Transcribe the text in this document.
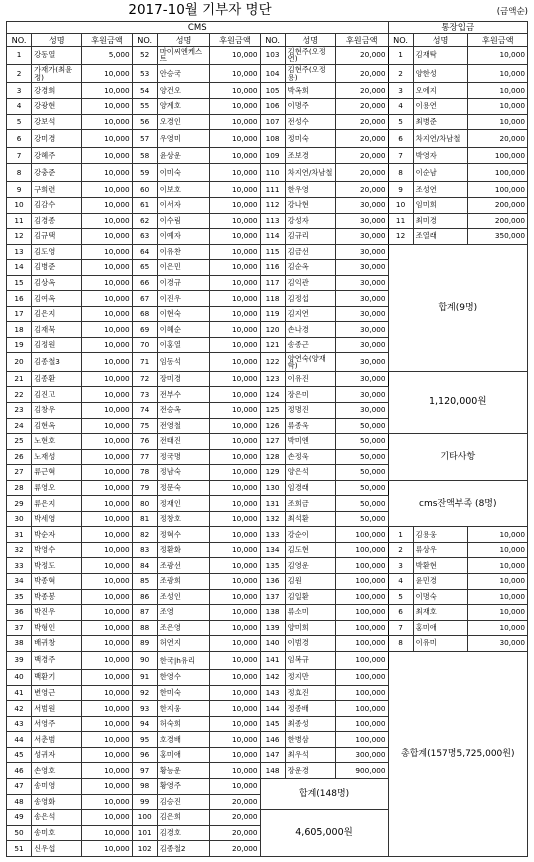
2017-10월 기부자 명단	(금액순)
CMS									통장입금		
NO.	성명	후원금액	NO.	성명	후원금액	NO.	성명	후원금액	NO.	성명	후원금액
1	강동열	5,000	52	마이씨엔케스트	10,000	103	김현주(오정연)	20,000	1	김재탁	10,000
2	가재가(최윤정)	10,000	53	안승국	10,000	104	김현주(오정용)	20,000	2	양한성	10,000
3	강경희	10,000	54	양건오	10,000	105	박옥희	20,000	3	오에지	10,000
4	강광현	10,000	55	양계호	10,000	106	이명주	20,000	4	이용연	10,000
5	강보석	10,000	56	오경인	10,000	107	전성수	20,000	5	최병준	10,000
6	강미경	10,000	57	우영미	10,000	108	정미숙	20,000	6	차지연/차남철	20,000
7	강혜주	10,000	58	윤상운	10,000	109	조보경	20,000	7	박영자	100,000
8	강충준	10,000	59	이미숙	10,000	110	차지연/차남철	20,000	8	이순남	100,000
9	구희련	10,000	60	이보호	10,000	111	한우영	20,000	9	조성연	100,000
10	김감수	10,000	61	이서자	10,000	112	강나현	30,000	10	임미희	200,000
11	김경종	10,000	62	이수림	10,000	113	강성자	30,000	11	최미경	200,000
12	김규택	10,000	63	이예자	10,000	114	김규리	30,000	12	조열래	350,000
13	김도영	10,000	64	이유찬	10,000	115	김금선	30,000	합계(9명)		
14	김병준	10,000	65	이은민	10,000	116	김순옥	30,000			
15	김상옥	10,000	66	이경규	10,000	117	김익관	30,000			
16	김여옥	10,000	67	이진우	10,000	118	김정섭	30,000			
17	김은지	10,000	68	이현숙	10,000	119	김지연	30,000			
18	김재묵	10,000	69	이혜순	10,000	120	손나경	30,000			
19	김정원	10,000	70	이홍열	10,000	121	송종근	30,000			
20	김종철3	10,000	71	임동석	10,000	122	양연숙(양재학)	30,000			
21	김종환	10,000	72	장미경	10,000	123	이유진	30,000	1,120,000원		
22	김진고	10,000	73	전부수	10,000	124	장은미	30,000			
23	김창우	10,000	74	전승옥	10,000	125	정명진	30,000			
24	김현옥	10,000	75	전영철	10,000	126	류종욱	50,000			
25	노현호	10,000	76	전태진	10,000	127	박미엔	50,000	기타사항		
26	노재성	10,000	77	정국명	10,000	128	손정욱	50,000			
27	류근혁	10,000	78	정남숙	10,000	129	양은석	50,000			
28	류영오	10,000	79	정문숙	10,000	130	임경래	50,000	cms잔액부족 (8명)		
29	류은지	10,000	80	정재인	10,000	131	조희금	50,000			
30	박세영	10,000	81	정창호	10,000	132	최석환	50,000			
31	박순자	10,000	82	정혁수	10,000	133	강순이	100,000	1	김용웅	10,000
32	박영수	10,000	83	정환화	10,000	134	김도현	100,000	2	류상우	10,000
33	박정도	10,000	84	조광선	10,000	135	김영운	100,000	3	박환현	10,000
34	박종혁	10,000	85	조광희	10,000	136	김원	100,000	4	윤민경	10,000
35	박종봉	10,000	86	조성인	10,000	137	김일환	100,000	5	이명숙	10,000
36	박진우	10,000	87	조영	10,000	138	류소미	100,000	6	최재호	10,000
37	박형인	10,000	88	조은영	10,000	139	양미희	100,000	7	홍미애	10,000
38	배귀창	10,000	89	허연지	10,000	140	이범경	100,000	8	이유미	30,000
39	백경주	10,000	90	한국|h유리	10,000	141	임복규	100,000	총합계(157명5,725,000원)		
40	백환기	10,000	91	한영수	10,000	142	정지만	100,000			
41	변영근	10,000	92	한미숙	10,000	143	정효진	100,000			
42	서범원	10,000	93	한지웅	10,000	144	정종배	100,000			
43	서영주	10,000	94	허숙희	10,000	145	최종성	100,000			
44	서춘범	10,000	95	호경배	10,000	146	한병삼	100,000			
45	성귀자	10,000	96	홍미애	10,000	147	최우석	300,000			
46	손영호	10,000	97	황능운	10,000	148	장운경	900,000			
47	송미영	10,000	98	황영주	10,000	합계(148명)					
48	송영화	10,000	99	김승진	20,000						
49	송은석	10,000	100	김은희	20,000	4,605,000원					
50	송미호	10,000	101	김경호	20,000						
51	신우섭	10,000	102	김종철2	20,000						
